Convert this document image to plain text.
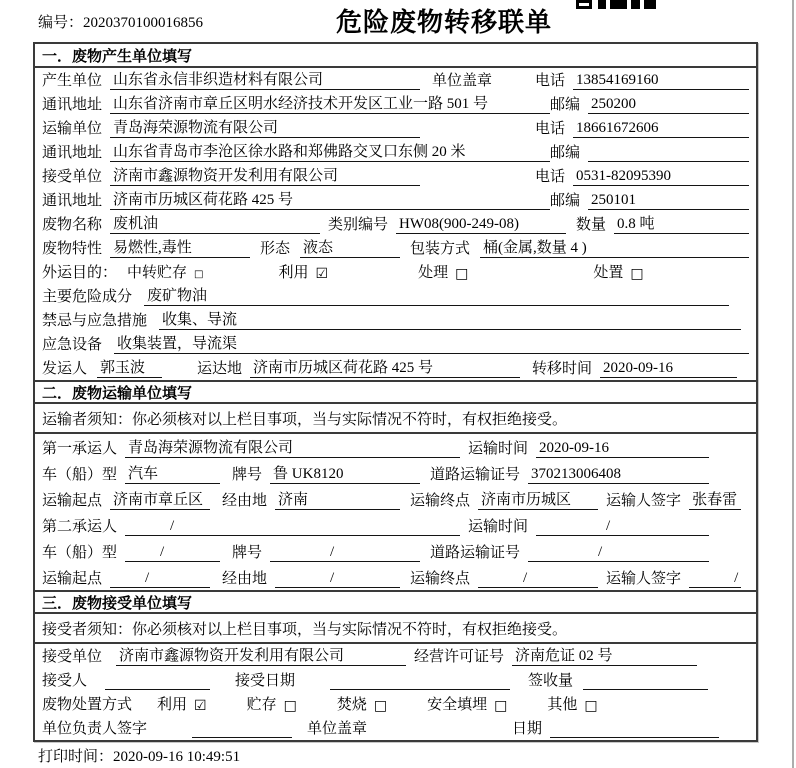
编号：2020370100016856	危险废物转移联单
一．废物产生单位填写
产生单位 山东省永信非织造材料有限公司	单位盖章	电话 13854169160
通讯地址 山东省济南市章丘区明水经济技术开发区工业一路 501 号	邮编 250200
运输单位 青岛海荣源物流有限公司	电话 18661672606
通讯地址 山东省青岛市李沧区徐水路和郑佛路交叉口东侧 20 米	邮编
接受单位 济南市鑫源物资开发利用有限公司	电话 0531-82095390
通讯地址 济南市历城区荷花路 425 号	邮编 250101
废物名称 废机油	类别编号 HW08(900-249-08)	数量 0.8 吨
废物特性 易燃性,毒性	形态 液态	包装方式 桶(金属,数量 4 )
外运目的： 中转贮存 □	利用 ☑	处理 □	处置 □
主要危险成分 废矿物油
禁忌与应急措施 收集、导流
应急设备 收集装置，导流渠
发运人 郭玉波	运达地 济南市历城区荷花路 425 号	转移时间 2020-09-16
二．废物运输单位填写
运输者须知： 你必须核对以上栏目事项，当与实际情况不符时，有权拒绝接受。
第一承运人 青岛海荣源物流有限公司	运输时间 2020-09-16
车（船）型 汽车	牌号 鲁 UK8120	道路运输证号 370213006408
运输起点 济南市章丘区	经由地 济南	运输终点 济南市历城区	运输人签字 张春雷
第二承运人	/	运输时间	/
车（船）型	/	牌号	/	道路运输证号	/
运输起点	/	经由地	/	运输终点	/	运输人签字	/
三．废物接受单位填写
接受者须知： 你必须核对以上栏目事项，当与实际情况不符时，有权拒绝接受。
接受单位 济南市鑫源物资开发利用有限公司	经营许可证号 济南危证 02 号
接受人	接受日期	签收量
废物处置方式 利用 ☑	贮存 □	焚烧 □	安全填埋 □	其他 □
单位负责人签字	单位盖章	日期
打印时间：2020-09-16 10:49:51
